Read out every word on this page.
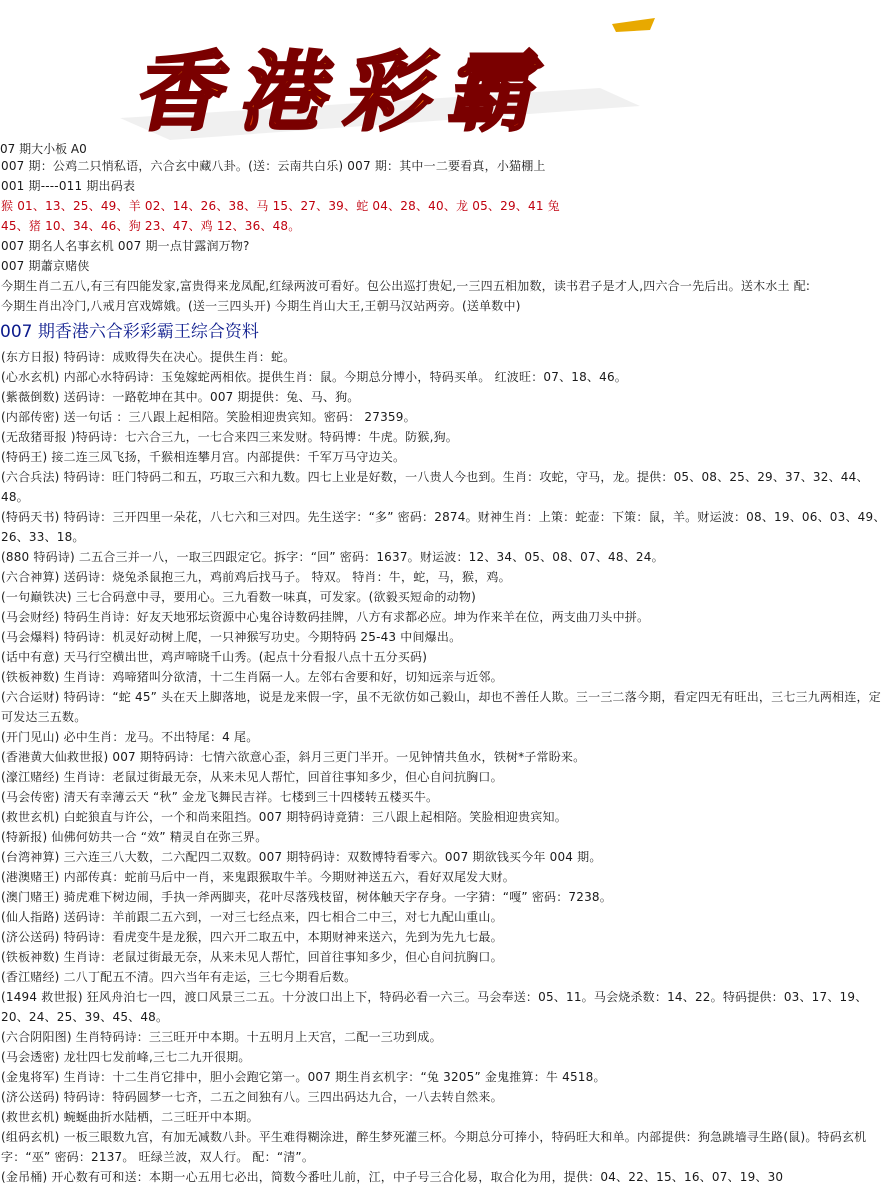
香港彩霸
07 期大小板 A0
007 期：公鸡二只悄私语，六合玄中藏八卦。(送：云南共白乐) 007 期：其中一二要看真，小猫棚上
001 期----011 期出码表
猴 01、13、25、49、羊 02、14、26、38、马 15、27、39、蛇 04、28、40、龙 05、29、41 兔
45、猪 10、34、46、狗 23、47、鸡 12、36、48。
007 期名人名事玄机 007 期一点甘露润万物?
007 期蕭京赌侠
今期生肖二五八,有三有四能发家,富贵得来龙凤配,红绿两波可看好。包公出巡打贵妃,一三四五相加数，读书君子是才人,四六合一先后出。送木水土 配:
今期生肖出冷门,八戒月宫戏嫦娥。(送一三四头开) 今期生肖山大王,王朝马汉站两旁。(送单数中)
007 期香港六合彩彩霸王综合资料
(东方日报) 特码诗：成败得失在决心。提供生肖：蛇。
(心水玄机) 内部心水特码诗：玉兔嫁蛇两相依。提供生肖：鼠。今期总分博小，特码买单。 红波旺：07、18、46。
(紫薇倒数) 送码诗：一路乾坤在其中。007 期提供：兔、马、狗。
(内部传密) 送一句话 ：三八跟上起相陪。笑脸相迎贵宾知。密码： 27359。
(无敌猪哥报 )特码诗：七六合三九，一七合来四三来发财。特码博：牛虎。防猴,狗。
(特码王) 接二连三凤飞扬，千猴相连攀月宫。内部提供：千军万马守边关。
(六合兵法) 特码诗：旺门特码二和五，巧取三六和九数。四七上业是好数，一八贵人今也到。生肖：攻蛇，守马，龙。提供：05、08、25、29、37、32、44、48。
(特码天书) 特码诗：三开四里一朵花，八七六和三对四。先生送字：“多” 密码：2874。财神生肖：上策：蛇壶：下策：鼠，羊。财运波：08、19、06、03、49、26、33、18。
(880 特码诗) 二五合三并一八，一取三四跟定它。拆字：“回” 密码：1637。财运波：12、34、05、08、07、48、24。
(六合神算) 送码诗：烧兔杀鼠抱三九，鸡前鸡后找马子。 特双。 特肖：牛，蛇，马，猴，鸡。
(一句巅铁决) 三七合码意中寻，要用心。三九看数一味真，可发家。(欲毅买短命的动物)
(马会财经) 特码生肖诗：好友天地邪坛资源中心鬼谷诗数码挂牌，八方有求都必应。坤为作来羊在位，两支曲刀头中拼。
(马会爆料) 特码诗：机灵好动树上爬，一只神猴写功史。今期特码 25-43 中间爆出。
(话中有意) 天马行空横出世，鸡声啼晓千山秀。(起点十分看报八点十五分买码)
(铁板神数) 生肖诗：鸡啼猪叫分欲清，十二生肖隔一人。左邻右舍要和好，切知远亲与近邻。
(六合运财) 特码诗：“蛇 45” 头在天上脚落地，说是龙来假一字，虽不无欲仿如己毅山，却也不善任人欺。三一三二落今期，看定四无有旺出，三七三九两相连，定可发达三五数。
(开门见山) 必中生肖：龙马。不出特尾：4 尾。
(香港黄大仙救世报) 007 期特码诗：七情六欲意心歪，斜月三更门半开。一见钟情共鱼水，铁树*子常盼来。
(濠江赌经) 生肖诗：老鼠过街最无奈，从来未见人帮忙，回首往事知多少，但心自问抗胸口。
(马会传密) 清天有幸薄云天 “秋” 金龙飞舞民吉祥。七楼到三十四楼转五楼买牛。
(救世玄机) 白蛇狼直与许公，一个和尚来阻挡。007 期特码诗竟猜：三八跟上起相陪。笑脸相迎贵宾知。
(特新报) 仙佛何妨共一合 “效” 精灵自在弥三界。
(台湾神算) 三六连三八大数，二六配四二双数。007 期特码诗：双数博特看零六。007 期欲钱买今年 004 期。
(港澳赌王) 内部传真：蛇前马后中一肖，来鬼跟猴取牛羊。今期财神送五六，看好双尾发大财。
(澳门赌王) 骑虎难下树边闹，手执一斧两脚夹，花叶尽落残枝留，树体触天字存身。一字猜：“嘎” 密码：7238。
(仙人指路) 送码诗：羊前跟二五六到，一对三七经点来，四七相合二中三，对七九配山重山。
(济公送码) 特码诗：看虎变牛是龙猴，四六开二取五中，本期财神来送六，先到为先九七最。
(铁板神数) 生肖诗：老鼠过街最无奈，从来未见人帮忙，回首往事知多少，但心自问抗胸口。
(香江赌经) 二八丁配五不清。四六当年有走运，三七今期看后数。
(1494 救世报) 狂风舟泊七一四，渡口风景三二五。十分波口出上下，特码必看一六三。马会奉送：05、11。马会烧杀数：14、22。特码提供：03、17、19、20、24、25、39、45、48。
(六合阴阳图) 生肖特码诗：三三旺开中本期。十五明月上天宫，二配一三功到成。
(马会透密) 龙壮四七发前峰,三七二九开很期。
(金鬼将军) 生肖诗：十二生肖它排中，胆小会跑它第一。007 期生肖玄机字：“兔 3205” 金鬼推算：牛 4518。
(济公送码) 特码诗：特码圆梦一七齐，二五之间独有八。三四出码达九合，一八去转自然来。
(救世玄机) 蜿蜒曲折水陆栖，二三旺开中本期。
(组码玄机) 一板三眼数九宫，有加无减数八卦。平生难得糊涂进，醉生梦死灌三杯。今期总分可捧小，特码旺大和单。内部提供：狗急跳墙寻生路(鼠)。特码玄机字：“巫” 密码：2137。 旺绿兰波，双人行。 配：“清”。
(金吊桶) 开心数有可和送：本期一心五用七必出，简数今番吐儿前，江，中子号三合化易，取合化为用，提供：04、22、15、16、07、19、30
